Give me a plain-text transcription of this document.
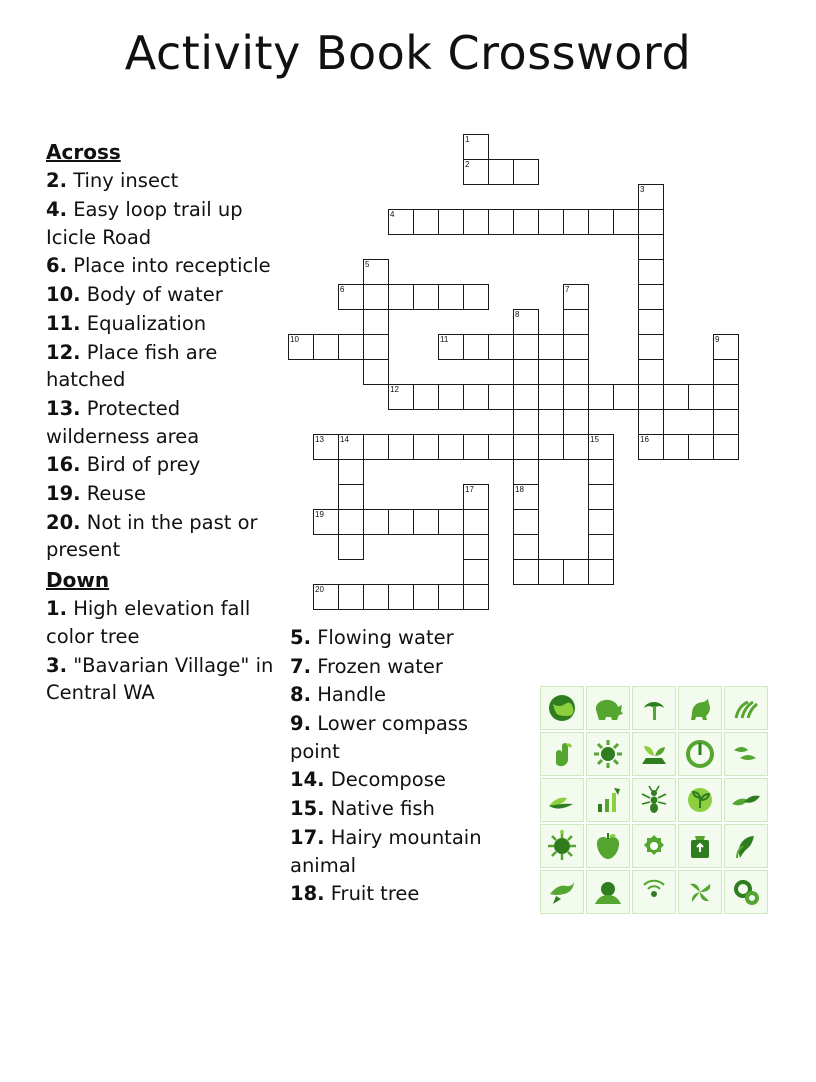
Activity Book Crossword
Across
2. Tiny insect
4. Easy loop trail up Icicle Road
6. Place into recepticle
10. Body of water
11. Equalization
12. Place fish are hatched
13. Protected wilderness area
16. Bird of prey
19. Reuse
20. Not in the past or present
Down
1. High elevation fall color tree
3. "Bavarian Village" in Central WA
5. Flowing water
7. Frozen water
8. Handle
9. Lower compass point
14. Decompose
15. Native fish
17. Hairy mountain animal
18. Fruit tree
1
2
3
4
5
6	7
8
10	11	9
12
13 14	15	16
17	18
19
20
